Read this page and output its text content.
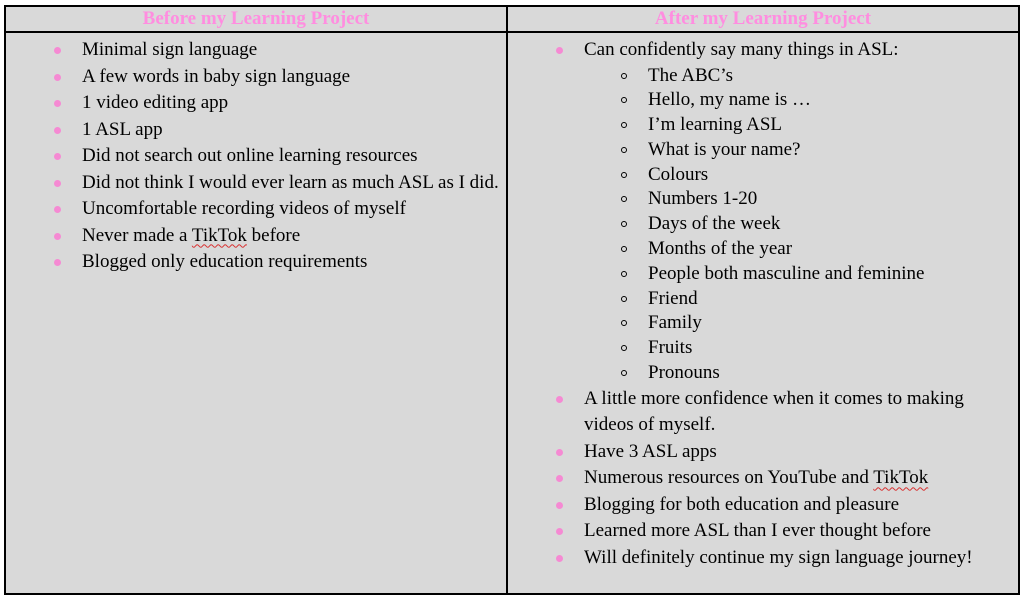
Before my Learning Project	After my Learning Project
Minimal sign language
A few words in baby sign language
1 video editing app
1 ASL app
Did not search out online learning resources
Did not think I would ever learn as much ASL as I did.
Uncomfortable recording videos of myself
Never made a TikTok before
Blogged only education requirements
Can confidently say many things in ASL:
The ABC’s
Hello, my name is …
I’m learning ASL
What is your name?
Colours
Numbers 1-20
Days of the week
Months of the year
People both masculine and feminine
Friend
Family
Fruits
Pronouns
A little more confidence when it comes to making videos of myself.
Have 3 ASL apps
Numerous resources on YouTube and TikTok
Blogging for both education and pleasure
Learned more ASL than I ever thought before
Will definitely continue my sign language journey!
